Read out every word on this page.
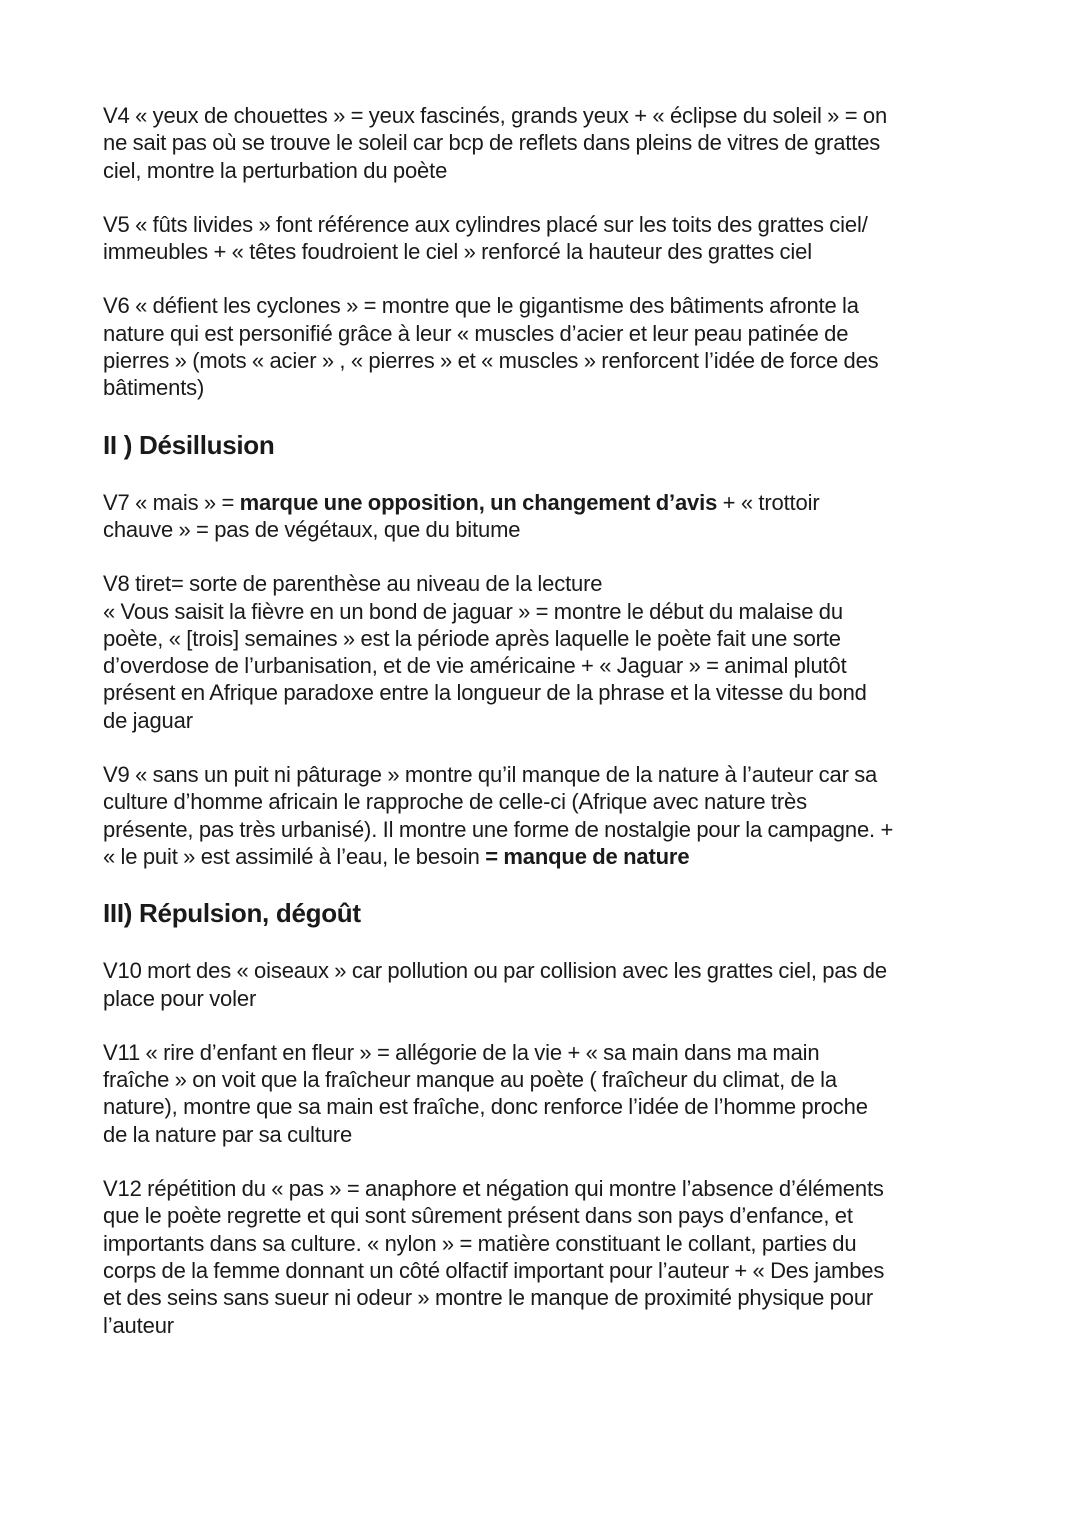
V4 « yeux de chouettes » = yeux fascinés, grands yeux + « éclipse du soleil » = on
ne sait pas où se trouve le soleil car bcp de reflets dans pleins de vitres de grattes
ciel, montre la perturbation du poète

V5 « fûts livides » font référence aux cylindres placé sur les toits des grattes ciel/
immeubles + « têtes foudroient le ciel » renforcé la hauteur des grattes ciel

V6 « défient les cyclones » = montre que le gigantisme des bâtiments afronte la
nature qui est personifié grâce à leur « muscles d’acier et leur peau patinée de
pierres » (mots « acier » , « pierres » et « muscles » renforcent l’idée de force des
bâtiments)

II ) Désillusion

V7 « mais » = marque une opposition, un changement d’avis + « trottoir
chauve » = pas de végétaux, que du bitume

V8 tiret= sorte de parenthèse au niveau de la lecture
« Vous saisit la fièvre en un bond de jaguar » = montre le début du malaise du
poète, « [trois] semaines » est la période après laquelle le poète fait une sorte
d’overdose de l’urbanisation, et de vie américaine + « Jaguar » = animal plutôt
présent en Afrique paradoxe entre la longueur de la phrase et la vitesse du bond
de jaguar

V9 « sans un puit ni pâturage » montre qu’il manque de la nature à l’auteur car sa
culture d’homme africain le rapproche de celle-ci (Afrique avec nature très
présente, pas très urbanisé). Il montre une forme de nostalgie pour la campagne. +
« le puit » est assimilé à l’eau, le besoin = manque de nature

III) Répulsion, dégoût

V10 mort des « oiseaux » car pollution ou par collision avec les grattes ciel, pas de
place pour voler

V11 « rire d’enfant en fleur » = allégorie de la vie + « sa main dans ma main
fraîche » on voit que la fraîcheur manque au poète ( fraîcheur du climat, de la
nature), montre que sa main est fraîche, donc renforce l’idée de l’homme proche
de la nature par sa culture

V12 répétition du « pas » = anaphore et négation qui montre l’absence d’éléments
que le poète regrette et qui sont sûrement présent dans son pays d’enfance, et
importants dans sa culture. « nylon » = matière constituant le collant, parties du
corps de la femme donnant un côté olfactif important pour l’auteur + « Des jambes
et des seins sans sueur ni odeur » montre le manque de proximité physique pour
l’auteur
